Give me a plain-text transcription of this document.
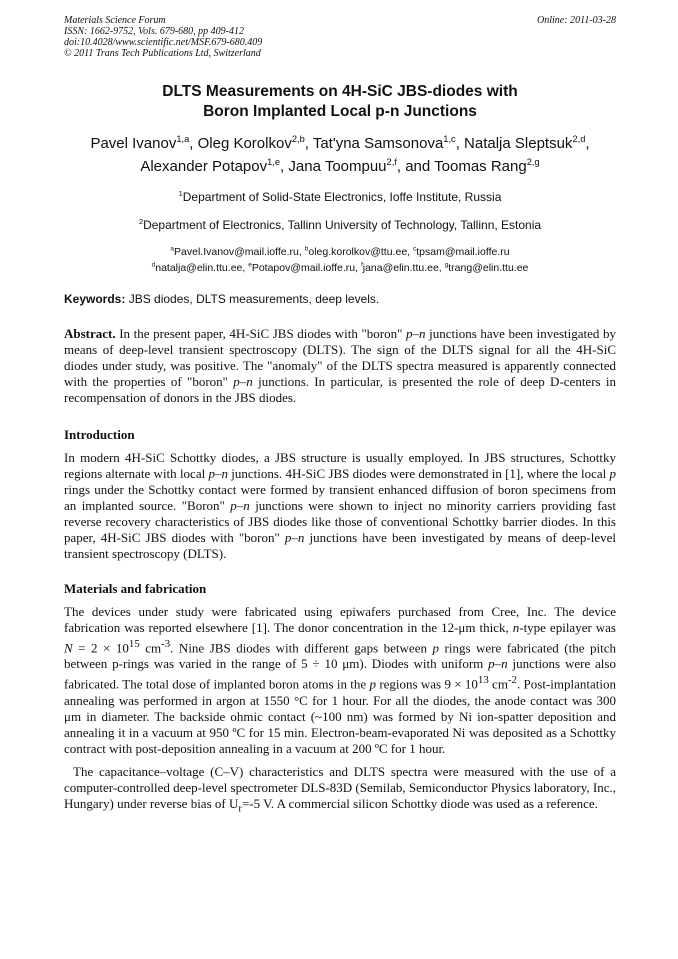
Materials Science Forum
ISSN: 1662-9752, Vols. 679-680, pp 409-412
doi:10.4028/www.scientific.net/MSF.679-680.409
© 2011 Trans Tech Publications Ltd, Switzerland
Online: 2011-03-28
DLTS Measurements on 4H-SiC JBS-diodes with
Boron Implanted Local p-n Junctions
Pavel Ivanov$^{1,a}$, Oleg Korolkov$^{2,b}$, Tat'yna Samsonova$^{1,c}$, Natalja Sleptsuk$^{2,d}$,
Alexander Potapov$^{1,e}$, Jana Toompuu$^{2,f}$, and Toomas Rang$^{2,g}$
$^1$Department of Solid-State Electronics, Ioffe Institute, Russia
$^2$Department of Electronics, Tallinn University of Technology, Tallinn, Estonia
$^a$Pavel.Ivanov@mail.ioffe.ru, $^b$oleg.korolkov@ttu.ee, $^c$tpsam@mail.ioffe.ru
$^d$natalja@elin.ttu.ee, $^e$Potapov@mail.ioffe.ru, $^f$jana@elin.ttu.ee, $^g$trang@elin.ttu.ee
Keywords: JBS diodes, DLTS measurements, deep levels.
Abstract. In the present paper, 4H-SiC JBS diodes with "boron" p–n junctions have been investigated by means of deep-level transient spectroscopy (DLTS). The sign of the DLTS signal for all the 4H-SiC diodes under study, was positive. The "anomaly" of the DLTS spectra measured is apparently connected with the properties of "boron" p–n junctions. In particular, is presented the role of deep D-centers in recompensation of donors in the JBS diodes.
Introduction
In modern 4H-SiC Schottky diodes, a JBS structure is usually employed. In JBS structures, Schottky regions alternate with local p–n junctions. 4H-SiC JBS diodes were demonstrated in [1], where the local p rings under the Schottky contact were formed by transient enhanced diffusion of boron specimens from an implanted source. "Boron" p–n junctions were shown to inject no minority carriers providing fast reverse recovery characteristics of JBS diodes like those of conventional Schottky barrier diodes. In this paper, 4H-SiC JBS diodes with "boron" p–n junctions have been investigated by means of deep-level transient spectroscopy (DLTS).
Materials and fabrication
The devices under study were fabricated using epiwafers purchased from Cree, Inc. The device fabrication was reported elsewhere [1]. The donor concentration in the 12-μm thick, n-type epilayer was $N = 2 \times 10^{15}$ $cm^{-3}$. Nine JBS diodes with different gaps between p rings were fabricated (the pitch between p-rings was varied in the range of 5 ÷ 10 μm). Diodes with uniform p–n junctions were also fabricated. The total dose of implanted boron atoms in the p regions was $9 \times 10^{13}$ $cm^{-2}$. Post-implantation annealing was performed in argon at 1550 °C for 1 hour. For all the diodes, the anode contact was 300 μm in diameter. The backside ohmic contact (~100 nm) was formed by Ni ion-spatter deposition and annealing it in a vacuum at 950 ºC for 15 min. Electron-beam-evaporated Ni was deposited as a Schottky contract with post-deposition annealing in a vacuum at 200 ºC for 1 hour.
The capacitance–voltage (C–V) characteristics and DLTS spectra were measured with the use of a computer-controlled deep-level spectrometer DLS-83D (Semilab, Semiconductor Physics laboratory, Inc., Hungary) under reverse bias of $U_r=-5$ V. A commercial silicon Schottky diode was used as a reference.
